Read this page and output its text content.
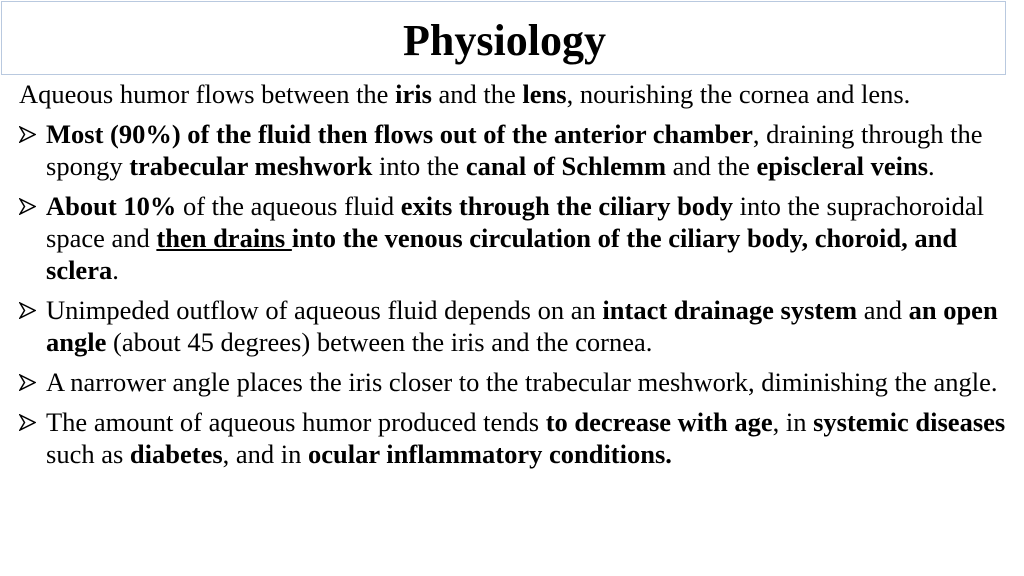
Physiology

Aqueous humor flows between the iris and the lens, nourishing the cornea and lens.

Most (90%) of the fluid then flows out of the anterior chamber, draining through the spongy trabecular meshwork into the canal of Schlemm and the episcleral veins.
About 10% of the aqueous fluid exits through the ciliary body into the suprachoroidal space and then drains into the venous circulation of the ciliary body, choroid, and sclera.
Unimpeded outflow of aqueous fluid depends on an intact drainage system and an open angle (about 45 degrees) between the iris and the cornea.
A narrower angle places the iris closer to the trabecular meshwork, diminishing the angle.
The amount of aqueous humor produced tends to decrease with age, in systemic diseases such as diabetes, and in ocular inflammatory conditions.
